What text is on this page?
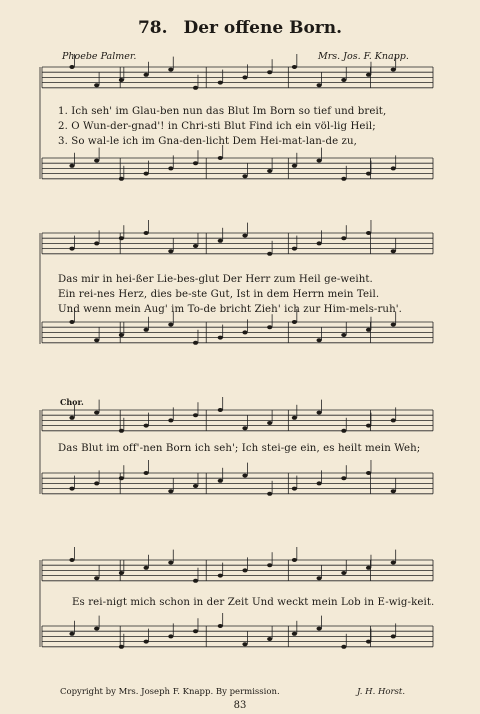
78. Der offene Born.
Phoebe Palmer.	Mrs. Jos. F. Knapp.
1. Ich seh' im Glau-ben nun das Blut Im Born so tief und breit,
2. O Wun-der-gnad'! in Chri-sti Blut Find ich ein völ-lig Heil;
3. So wal-le ich im Gna-den-licht Dem Hei-mat-lan-de zu,
Das mir in hei-ßer Lie-bes-glut Der Herr zum Heil ge-weiht.
Ein rei-nes Herz, dies be-ste Gut, Ist in dem Herrn mein Teil.
Und wenn mein Aug' im To-de bricht Zieh' ich zur Him-mels-ruh'.
Chor.
Das Blut im off'-nen Born ich seh'; Ich stei-ge ein, es heilt mein Weh;
Es rei-nigt mich schon in der Zeit Und weckt mein Lob in E-wig-keit.
Copyright by Mrs. Joseph F. Knapp. By permission.	J. H. Horst.
83
